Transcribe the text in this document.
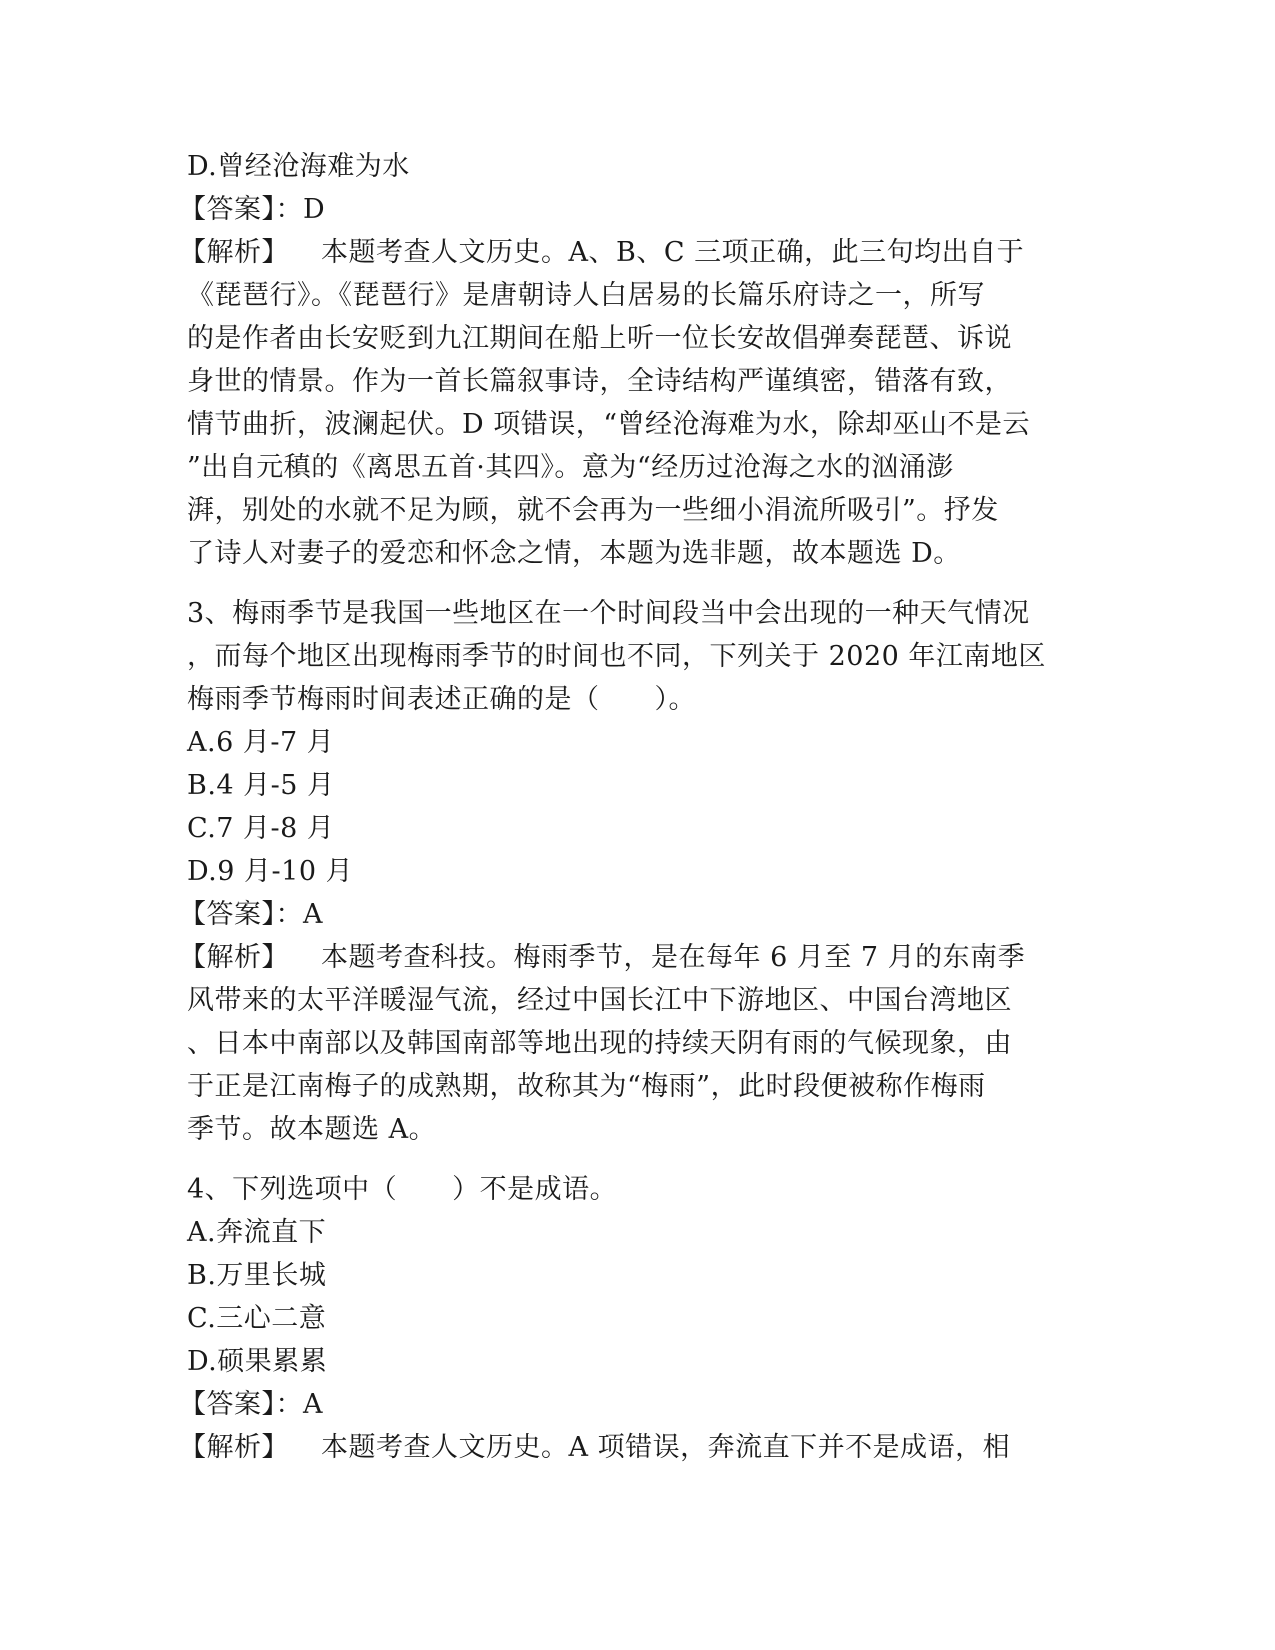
D.曾经沧海难为水
【答案】：D
【解析】 本题考查人文历史。A、B、C 三项正确，此三句均出自于
《琵琶行》。《琵琶行》是唐朝诗人白居易的长篇乐府诗之一，所写
的是作者由长安贬到九江期间在船上听一位长安故倡弹奏琵琶、诉说
身世的情景。作为一首长篇叙事诗，全诗结构严谨缜密，错落有致，
情节曲折，波澜起伏。D 项错误，“曾经沧海难为水，除却巫山不是云
”出自元稹的《离思五首·其四》。意为“经历过沧海之水的汹涌澎
湃，别处的水就不足为顾，就不会再为一些细小涓流所吸引”。抒发
了诗人对妻子的爱恋和怀念之情，本题为选非题，故本题选 D。
3、梅雨季节是我国一些地区在一个时间段当中会出现的一种天气情况
，而每个地区出现梅雨季节的时间也不同，下列关于 2020 年江南地区
梅雨季节梅雨时间表述正确的是（　　）。
A.6 月-7 月
B.4 月-5 月
C.7 月-8 月
D.9 月-10 月
【答案】：A
【解析】 本题考查科技。梅雨季节，是在每年 6 月至 7 月的东南季
风带来的太平洋暖湿气流，经过中国长江中下游地区、中国台湾地区
、日本中南部以及韩国南部等地出现的持续天阴有雨的气候现象，由
于正是江南梅子的成熟期，故称其为“梅雨”，此时段便被称作梅雨
季节。故本题选 A。
4、下列选项中（　　）不是成语。
A.奔流直下
B.万里长城
C.三心二意
D.硕果累累
【答案】：A
【解析】 本题考查人文历史。A 项错误，奔流直下并不是成语，相
